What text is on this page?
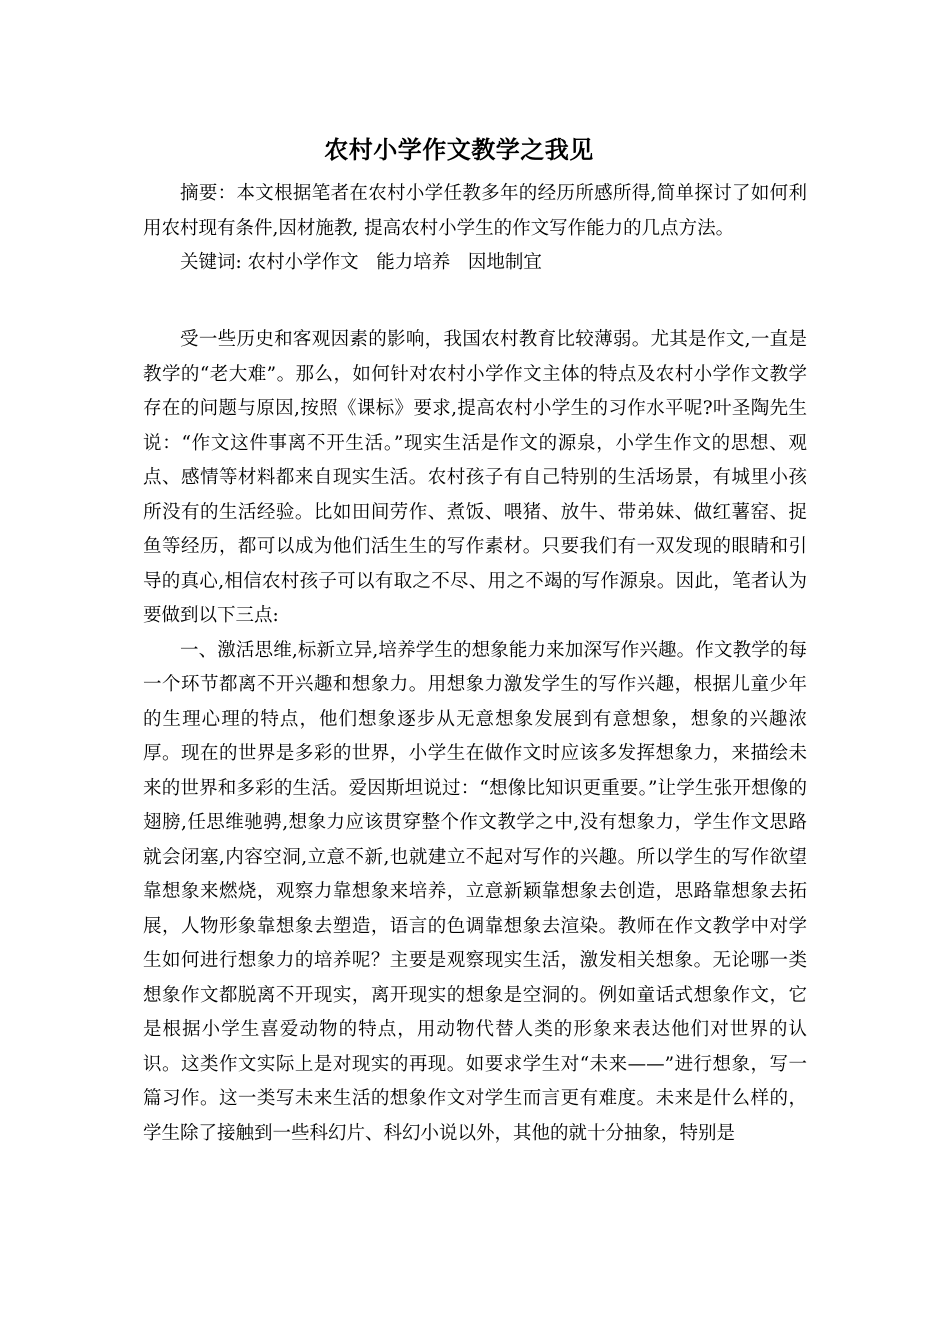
农村小学作文教学之我见

摘要：本文根据笔者在农村小学任教多年的经历所感所得,简单探讨了如何利用农村现有条件,因材施教, 提高农村小学生的作文写作能力的几点方法。

关键词: 农村小学作文   能力培养   因地制宜

受一些历史和客观因素的影响，我国农村教育比较薄弱。尤其是作文,一直是教学的“老大难”。那么，如何针对农村小学作文主体的特点及农村小学作文教学存在的问题与原因,按照《课标》要求,提高农村小学生的习作水平呢?叶圣陶先生说：“作文这件事离不开生活。”现实生活是作文的源泉，小学生作文的思想、观点、感情等材料都来自现实生活。农村孩子有自己特别的生活场景，有城里小孩所没有的生活经验。比如田间劳作、煮饭、喂猪、放牛、带弟妹、做红薯窑、捉鱼等经历，都可以成为他们活生生的写作素材。只要我们有一双发现的眼睛和引导的真心,相信农村孩子可以有取之不尽、用之不竭的写作源泉。因此，笔者认为要做到以下三点:

一、激活思维,标新立异,培养学生的想象能力来加深写作兴趣。作文教学的每一个环节都离不开兴趣和想象力。用想象力激发学生的写作兴趣，根据儿童少年的生理心理的特点，他们想象逐步从无意想象发展到有意想象，想象的兴趣浓厚。现在的世界是多彩的世界，小学生在做作文时应该多发挥想象力，来描绘未来的世界和多彩的生活。爱因斯坦说过：“想像比知识更重要。”让学生张开想像的翅膀,任思维驰骋,想象力应该贯穿整个作文教学之中,没有想象力，学生作文思路就会闭塞,内容空洞,立意不新,也就建立不起对写作的兴趣。所以学生的写作欲望靠想象来燃烧，观察力靠想象来培养，立意新颖靠想象去创造，思路靠想象去拓展，人物形象靠想象去塑造，语言的色调靠想象去渲染。教师在作文教学中对学生如何进行想象力的培养呢？主要是观察现实生活，激发相关想象。无论哪一类想象作文都脱离不开现实，离开现实的想象是空洞的。例如童话式想象作文，它是根据小学生喜爱动物的特点，用动物代替人类的形象来表达他们对世界的认识。这类作文实际上是对现实的再现。如要求学生对“未来——”进行想象，写一篇习作。这一类写未来生活的想象作文对学生而言更有难度。未来是什么样的，学生除了接触到一些科幻片、科幻小说以外，其他的就十分抽象，特别是
